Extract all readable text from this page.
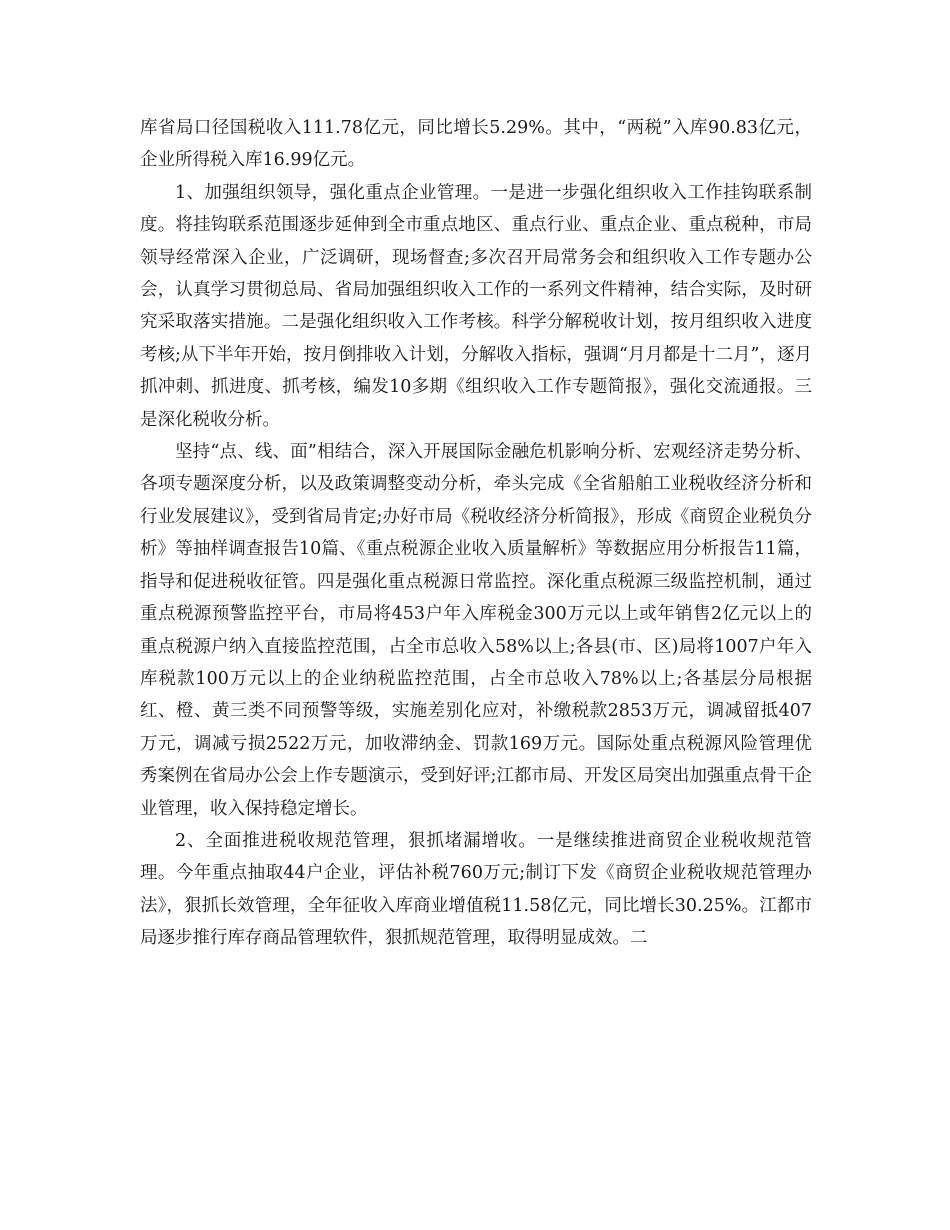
库省局口径国税收入111.78亿元，同比增长5.29%。其中，“两税”入库90.83亿元， 企业所得税入库16.99亿元。

1、加强组织领导，强化重点企业管理。一是进一步强化组织收入工作挂钩联系制度。将挂钩联系范围逐步延伸到全市重点地区、重点行业、重点企业、重点税种，市局领导经常深入企业，广泛调研，现场督查;多次召开局常务会和组织收入工作专题办公会，认真学习贯彻总局、省局加强组织收入工作的一系列文件精神，结合实际，及时研究采取落实措施。二是强化组织收入工作考核。科学分解税收计划，按月组织收入进度考核;从下半年开始，按月倒排收入计划，分解收入指标，强调“月月都是十二月”，逐月抓冲刺、抓进度、抓考核，编发10多期《组织收入工作专题简报》，强化交流通报。三是深化税收分析。

坚持“点、线、面”相结合，深入开展国际金融危机影响分析、宏观经济走势分析、各项专题深度分析，以及政策调整变动分析，牵头完成《全省船舶工业税收经济分析和行业发展建议》，受到省局肯定;办好市局《税收经济分析简报》，形成《商贸企业税负分析》等抽样调查报告10篇、《重点税源企业收入质量解析》等数据应用分析报告11篇，指导和促进税收征管。四是强化重点税源日常监控。深化重点税源三级监控机制，通过重点税源预警监控平台，市局将453户年入库税金300万元以上或年销售2亿元以上的重点税源户纳入直接监控范围，占全市总收入58%以上;各县(市、区)局将1007户年入库税款100万元以上的企业纳税监控范围，占全市总收入78%以上;各基层分局根据红、橙、黄三类不同预警等级，实施差别化应对，补缴税款2853万元，调减留抵407万元，调减亏损2522万元，加收滞纳金、罚款169万元。国际处重点税源风险管理优秀案例在省局办公会上作专题演示，受到好评;江都市局、开发区局突出加强重点骨干企业管理，收入保持稳定增长。

2、全面推进税收规范管理，狠抓堵漏增收。一是继续推进商贸企业税收规范管理。今年重点抽取44户企业，评估补税760万元;制订下发《商贸企业税收规范管理办法》，狠抓长效管理，全年征收入库商业增值税11.58亿元，同比增长30.25%。江都市局逐步推行库存商品管理软件，狠抓规范管理，取得明显成效。二
